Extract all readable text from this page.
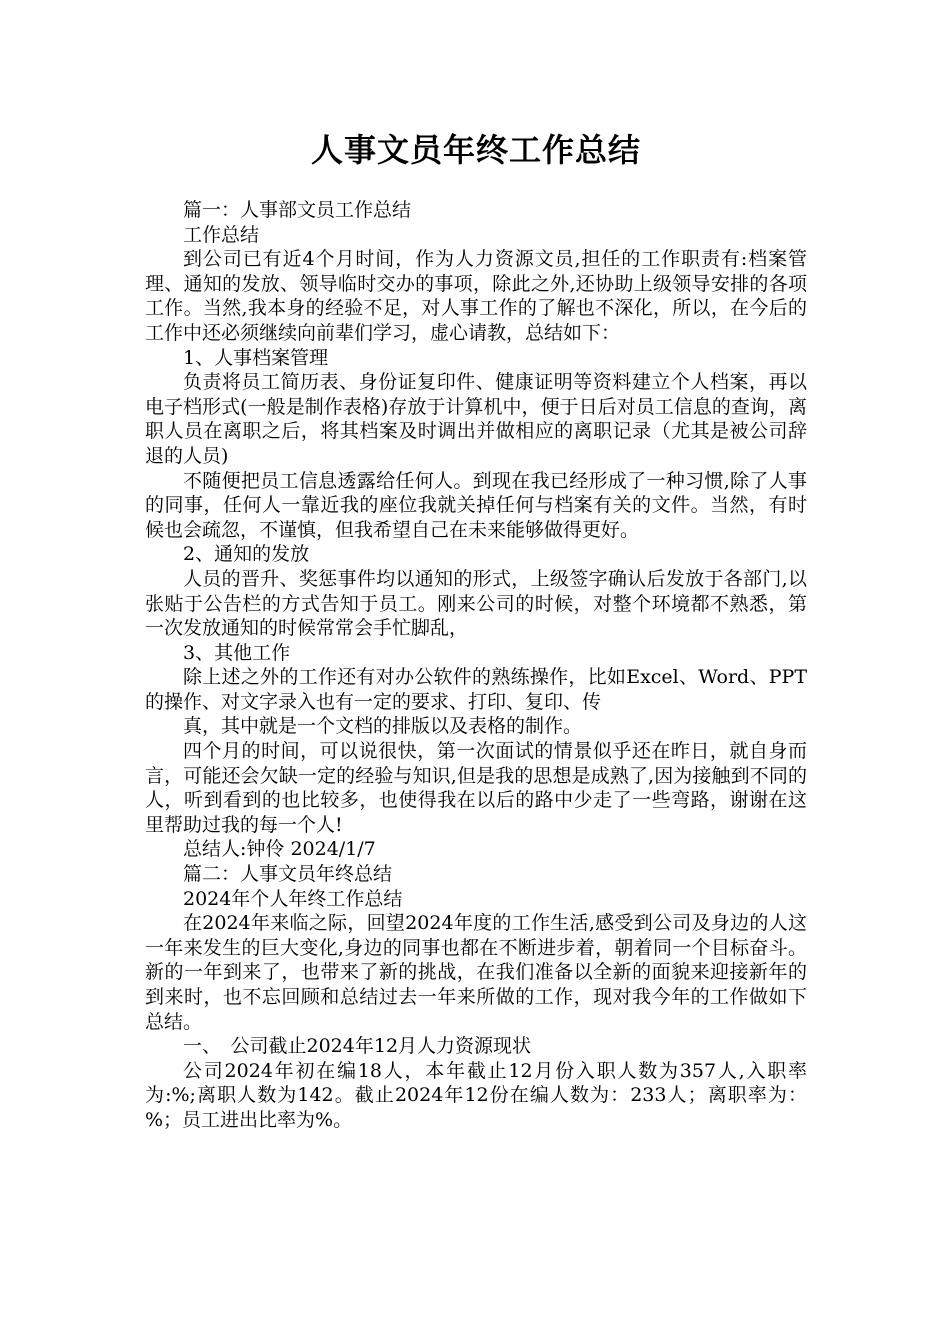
人事文员年终工作总结

篇一：人事部文员工作总结

工作总结

到公司已有近4个月时间，作为人力资源文员,担任的工作职责有:档案管理、通知的发放、领导临时交办的事项，除此之外,还协助上级领导安排的各项工作。当然,我本身的经验不足，对人事工作的了解也不深化，所以，在今后的工作中还必须继续向前辈们学习，虚心请教，总结如下：

1、人事档案管理

负责将员工简历表、身份证复印件、健康证明等资料建立个人档案，再以电子档形式(一般是制作表格)存放于计算机中，便于日后对员工信息的查询，离职人员在离职之后，将其档案及时调出并做相应的离职记录（尤其是被公司辞退的人员)

不随便把员工信息透露给任何人。到现在我已经形成了一种习惯,除了人事的同事，任何人一靠近我的座位我就关掉任何与档案有关的文件。当然，有时候也会疏忽，不谨慎，但我希望自己在未来能够做得更好。

2、通知的发放

人员的晋升、奖惩事件均以通知的形式，上级签字确认后发放于各部门,以张贴于公告栏的方式告知于员工。刚来公司的时候，对整个环境都不熟悉，第一次发放通知的时候常常会手忙脚乱，

3、其他工作

除上述之外的工作还有对办公软件的熟练操作，比如Excel、Word、PPT的操作、对文字录入也有一定的要求、打印、复印、传

真，其中就是一个文档的排版以及表格的制作。

四个月的时间，可以说很快，第一次面试的情景似乎还在昨日，就自身而言，可能还会欠缺一定的经验与知识,但是我的思想是成熟了,因为接触到不同的人，听到看到的也比较多，也使得我在以后的路中少走了一些弯路，谢谢在这里帮助过我的每一个人!

总结人:钟伶 2024/1/7

篇二：人事文员年终总结

2024年个人年终工作总结

在2024年来临之际，回望2024年度的工作生活,感受到公司及身边的人这一年来发生的巨大变化,身边的同事也都在不断进步着，朝着同一个目标奋斗。新的一年到来了，也带来了新的挑战，在我们准备以全新的面貌来迎接新年的到来时，也不忘回顾和总结过去一年来所做的工作，现对我今年的工作做如下总结。

一、　公司截止2024年12月人力资源现状

公司2024年初在编18人，本年截止12月份入职人数为357人,入职率为:%;离职人数为142。截止2024年12份在编人数为：233人；离职率为：%；员工进出比率为%。
